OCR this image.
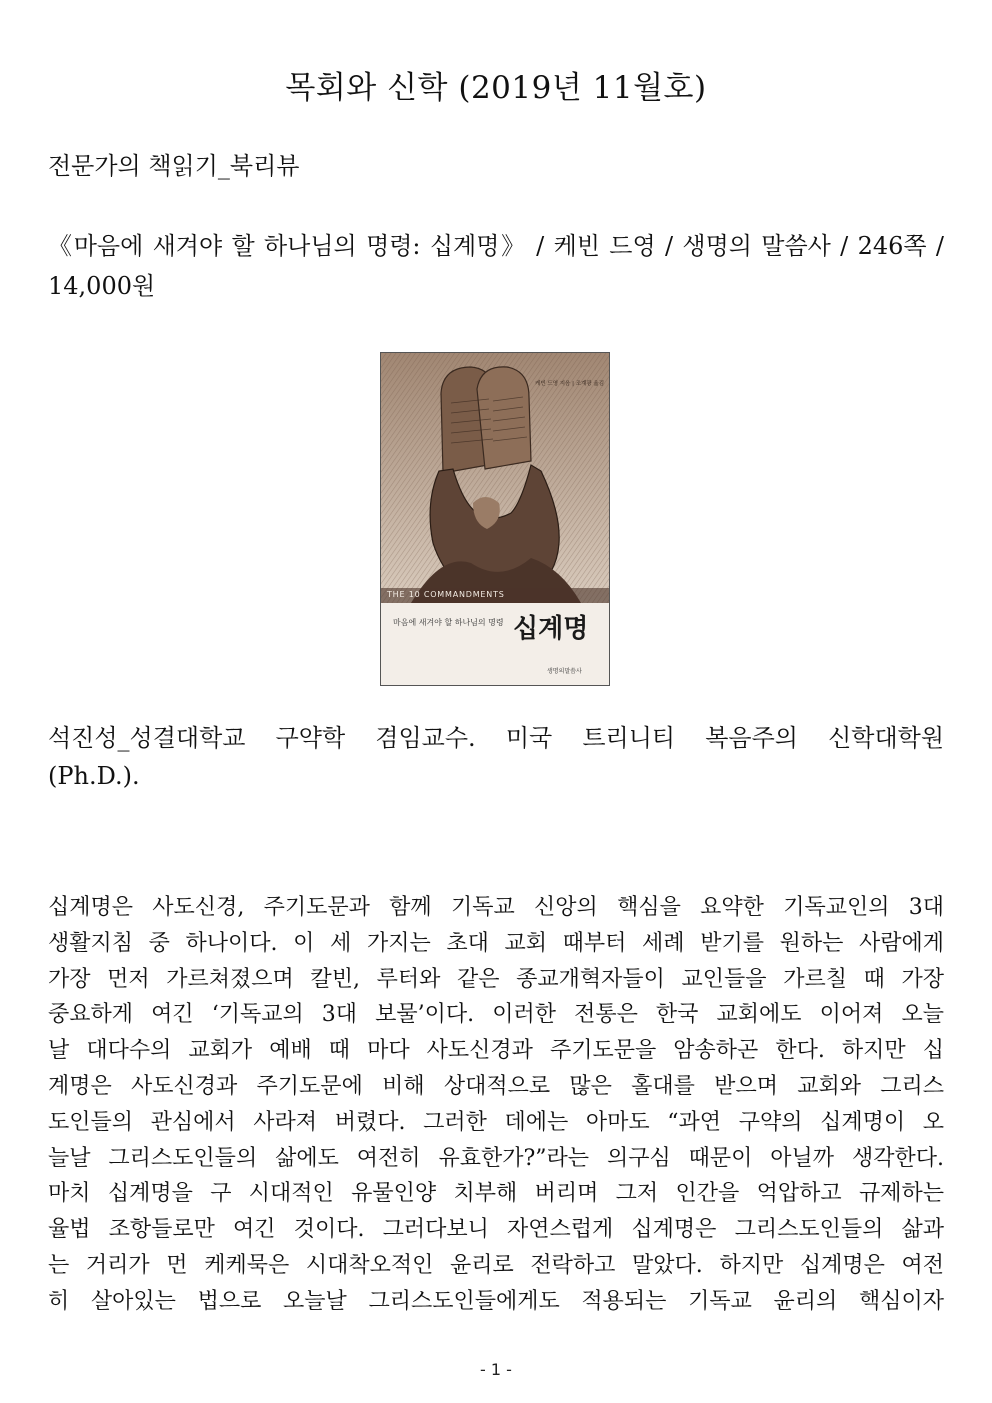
목회와 신학 (2019년 11월호)
전문가의 책읽기_북리뷰
《마음에 새겨야 할 하나님의 명령: 십계명》 / 케빈 드영 / 생명의 말씀사 / 246쪽 / 14,000원
케빈 드영 지음 | 조계광 옮김
THE 10 COMMANDMENTS
마음에 새겨야 할 하나님의 명령 십계명
생명의말씀사
석진성_성결대학교 구약학 겸임교수. 미국 트리니티 복음주의 신학대학원
(Ph.D.).
십계명은 사도신경, 주기도문과 함께 기독교 신앙의 핵심을 요약한 기독교인의 3대
생활지침 중 하나이다. 이 세 가지는 초대 교회 때부터 세례 받기를 원하는 사람에게
가장 먼저 가르쳐졌으며 칼빈, 루터와 같은 종교개혁자들이 교인들을 가르칠 때 가장
중요하게 여긴 ‘기독교의 3대 보물’이다. 이러한 전통은 한국 교회에도 이어져 오늘
날 대다수의 교회가 예배 때 마다 사도신경과 주기도문을 암송하곤 한다. 하지만 십
계명은 사도신경과 주기도문에 비해 상대적으로 많은 홀대를 받으며 교회와 그리스
도인들의 관심에서 사라져 버렸다. 그러한 데에는 아마도 “과연 구약의 십계명이 오
늘날 그리스도인들의 삶에도 여전히 유효한가?”라는 의구심 때문이 아닐까 생각한다.
마치 십계명을 구 시대적인 유물인양 치부해 버리며 그저 인간을 억압하고 규제하는
율법 조항들로만 여긴 것이다. 그러다보니 자연스럽게 십계명은 그리스도인들의 삶과
는 거리가 먼 케케묵은 시대착오적인 윤리로 전락하고 말았다. 하지만 십계명은 여전
히 살아있는 법으로 오늘날 그리스도인들에게도 적용되는 기독교 윤리의 핵심이자
- 1 -
